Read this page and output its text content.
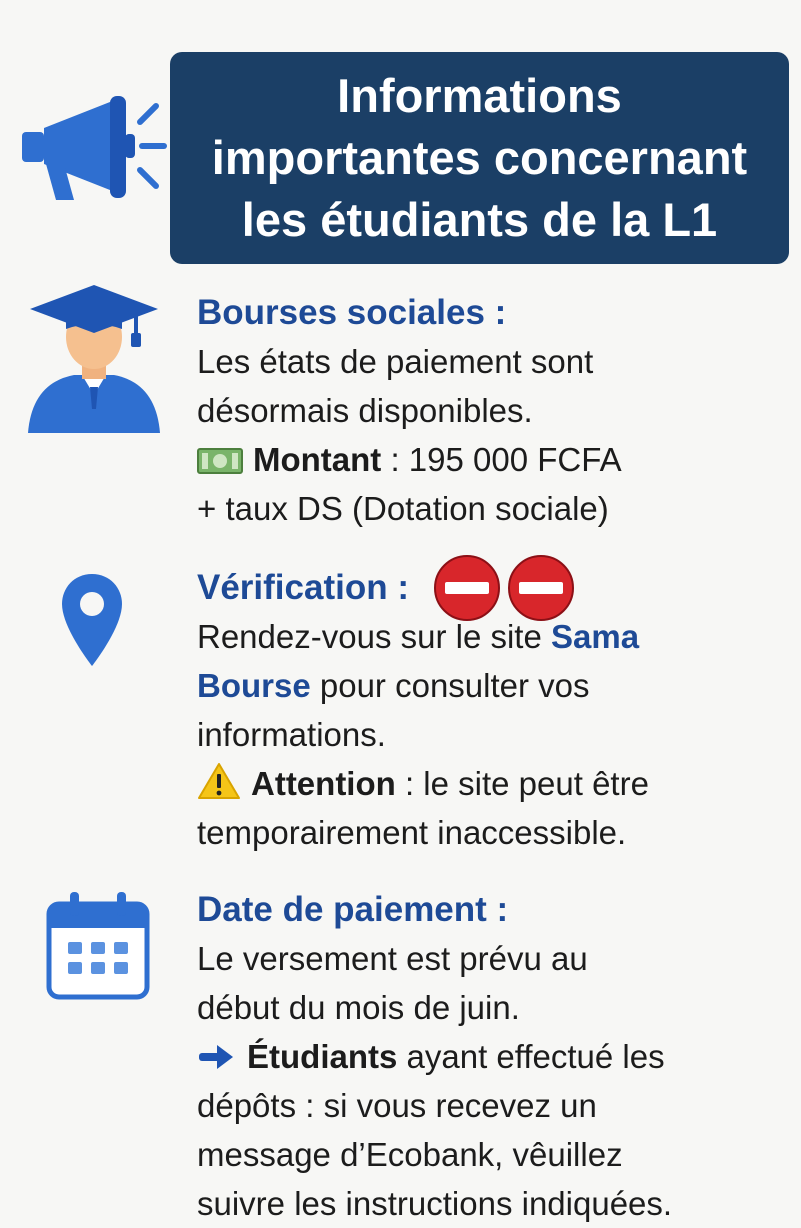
Informations
importantes concernant
les étudiants de la L1
Bourses sociales :
Les états de paiement sont
désormais disponibles.
Montant : 195 000 FCFA
+ taux DS (Dotation sociale)
Vérification :
Rendez-vous sur le site Sama
Bourse pour consulter vos
informations.
Attention : le site peut être
temporairement inaccessible.
Date de paiement :
Le versement est prévu au
début du mois de juin.
Étudiants ayant effectué les
dépôts : si vous recevez un
message d’Ecobank, vêuillez
suivre les instructions indiquées.
